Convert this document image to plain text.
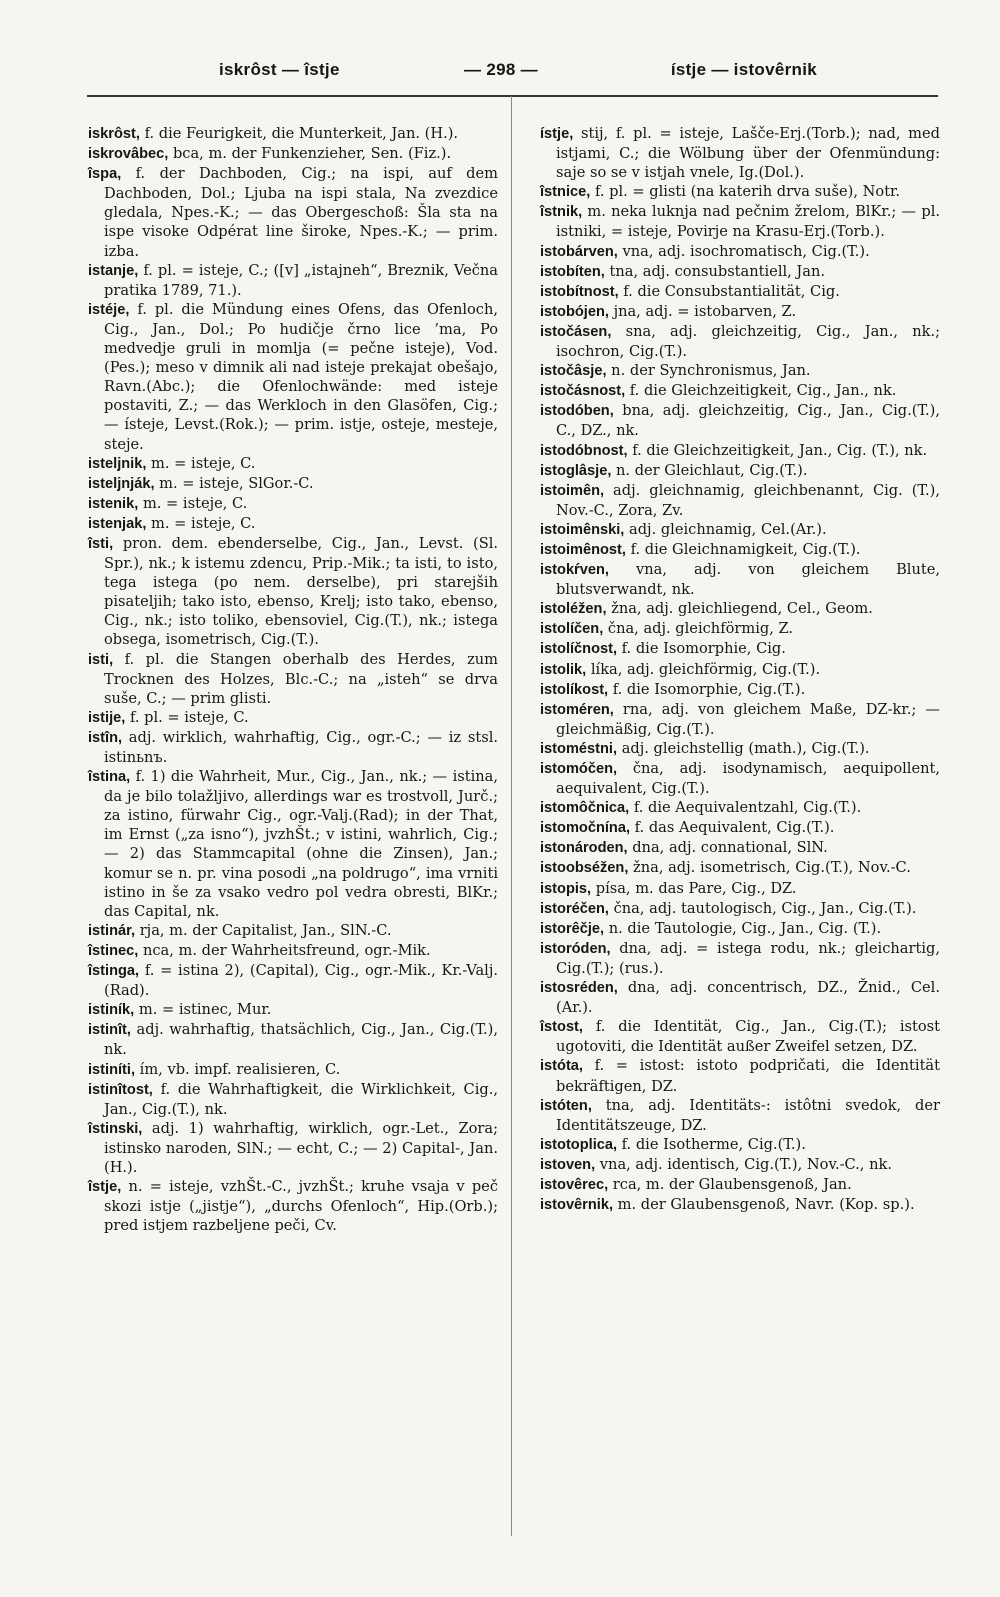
iskrôst — îstje	— 298 —	ístje — istovêrnik
iskrôst, f. die Feurigkeit, die Munterkeit, Jan. (H.).
iskrovâbec, bca, m. der Funkenzieher, Sen. (Fiz.).
îspa, f. der Dachboden, Cig.; na ispi, auf dem Dachboden, Dol.; Ljuba na ispi stala, Na zvezdice gledala, Npes.-K.; — das Obergeschoß: Šla sta na ispe visoke Odpérat line široke, Npes.-K.; — prim. izba.
istanje, f. pl. = isteje, C.; ([v] „istajneh“, Breznik, Večna pratika 1789, 71.).
istéje, f. pl. die Mündung eines Ofens, das Ofenloch, Cig., Jan., Dol.; Po hudičje črno lice ’ma, Po medvedje gruli in momlja (= pečne isteje), Vod.(Pes.); meso v dimnik ali nad isteje prekajat obešajo, Ravn.(Abc.); die Ofenlochwände: med isteje postaviti, Z.; — das Werkloch in den Glasöfen, Cig.; — ísteje, Levst.(Rok.); — prim. istje, osteje, mesteje, steje.
isteljnik, m. = isteje, C.
isteljnják, m. = isteje, SlGor.-C.
istenik, m. = isteje, C.
istenjak, m. = isteje, C.
îsti, pron. dem. ebenderselbe, Cig., Jan., Levst. (Sl. Spr.), nk.; k istemu zdencu, Prip.-Mik.; ta isti, to isto, tega istega (po nem. derselbe), pri starejših pisateljih; tako isto, ebenso, Krelj; isto tako, ebenso, Cig., nk.; isto toliko, ebensoviel, Cig.(T.), nk.; istega obsega, isometrisch, Cig.(T.).
isti, f. pl. die Stangen oberhalb des Herdes, zum Trocknen des Holzes, Blc.-C.; na „isteh“ se drva suše, C.; — prim glisti.
istije, f. pl. = isteje, C.
istîn, adj. wirklich, wahrhaftig, Cig., ogr.-C.; — iz stsl. istinьnъ.
îstina, f. 1) die Wahrheit, Mur., Cig., Jan., nk.; — istina, da je bilo tolažljivo, allerdings war es trostvoll, Jurč.; za istino, fürwahr Cig., ogr.-Valj.(Rad); in der That, im Ernst („za isno“), jvzhŠt.; v istini, wahrlich, Cig.; — 2) das Stammcapital (ohne die Zinsen), Jan.; komur se n. pr. vina posodi „na poldrugo“, ima vrniti istino in še za vsako vedro pol vedra obresti, BlKr.; das Capital, nk.
istinár, rja, m. der Capitalist, Jan., SlN.-C.
îstinec, nca, m. der Wahrheitsfreund, ogr.-Mik.
îstinga, f. = istina 2), (Capital), Cig., ogr.-Mik., Kr.-Valj.(Rad).
istiník, m. = istinec, Mur.
istinît, adj. wahrhaftig, thatsächlich, Cig., Jan., Cig.(T.), nk.
istiníti, ím, vb. impf. realisieren, C.
istinîtost, f. die Wahrhaftigkeit, die Wirklichkeit, Cig., Jan., Cig.(T.), nk.
îstinski, adj. 1) wahrhaftig, wirklich, ogr.-Let., Zora; istinsko naroden, SlN.; — echt, C.; — 2) Capital-, Jan.(H.).
îstje, n. = isteje, vzhŠt.-C., jvzhŠt.; kruhe vsaja v peč skozi istje („jistje“), „durchs Ofenloch“, Hip.(Orb.); pred istjem razbeljene peči, Cv.
ístje, stij, f. pl. = isteje, Lašče-Erj.(Torb.); nad, med istjami, C.; die Wölbung über der Ofenmündung: saje so se v istjah vnele, Ig.(Dol.).
îstnice, f. pl. = glisti (na katerih drva suše), Notr.
îstnik, m. neka luknja nad pečnim žrelom, BlKr.; — pl. istniki, = isteje, Povirje na Krasu-Erj.(Torb.).
istobárven, vna, adj. isochromatisch, Cig.(T.).
istobíten, tna, adj. consubstantiell, Jan.
istobítnost, f. die Consubstantialität, Cig.
istobójen, jna, adj. = istobarven, Z.
istočásen, sna, adj. gleichzeitig, Cig., Jan., nk.; isochron, Cig.(T.).
istočâsje, n. der Synchronismus, Jan.
istočásnost, f. die Gleichzeitigkeit, Cig., Jan., nk.
istodóben, bna, adj. gleichzeitig, Cig., Jan., Cig.(T.), C., DZ., nk.
istodóbnost, f. die Gleichzeitigkeit, Jan., Cig. (T.), nk.
istoglâsje, n. der Gleichlaut, Cig.(T.).
istoimên, adj. gleichnamig, gleichbenannt, Cig. (T.), Nov.-C., Zora, Zv.
istoimênski, adj. gleichnamig, Cel.(Ar.).
istoimênost, f. die Gleichnamigkeit, Cig.(T.).
istokŕven, vna, adj. von gleichem Blute, blutsverwandt, nk.
istoléžen, žna, adj. gleichliegend, Cel., Geom.
istolíčen, čna, adj. gleichförmig, Z.
istolíčnost, f. die Isomorphie, Cig.
istolik, líka, adj. gleichförmig, Cig.(T.).
istolíkost, f. die Isomorphie, Cig.(T.).
istoméren, rna, adj. von gleichem Maße, DZ-kr.; — gleichmäßig, Cig.(T.).
istoméstni, adj. gleichstellig (math.), Cig.(T.).
istomóčen, čna, adj. isodynamisch, aequipollent, aequivalent, Cig.(T.).
istomôčnica, f. die Aequivalentzahl, Cig.(T.).
istomočnína, f. das Aequivalent, Cig.(T.).
istonároden, dna, adj. connational, SlN.
istoobséžen, žna, adj. isometrisch, Cig.(T.), Nov.-C.
istopis, písa, m. das Pare, Cig., DZ.
istoréčen, čna, adj. tautologisch, Cig., Jan., Cig.(T.).
istorêčje, n. die Tautologie, Cig., Jan., Cig. (T.).
istoróden, dna, adj. = istega rodu, nk.; gleichartig, Cig.(T.); (rus.).
istosréden, dna, adj. concentrisch, DZ., Žnid., Cel.(Ar.).
îstost, f. die Identität, Cig., Jan., Cig.(T.); istost ugotoviti, die Identität außer Zweifel setzen, DZ.
istóta, f. = istost: istoto podpričati, die Identität bekräftigen, DZ.
istóten, tna, adj. Identitäts-: istôtni svedok, der Identitätszeuge, DZ.
istotoplica, f. die Isotherme, Cig.(T.).
istoven, vna, adj. identisch, Cig.(T.), Nov.-C., nk.
istovêrec, rca, m. der Glaubensgenoß, Jan.
istovêrnik, m. der Glaubensgenoß, Navr. (Kop. sp.).
